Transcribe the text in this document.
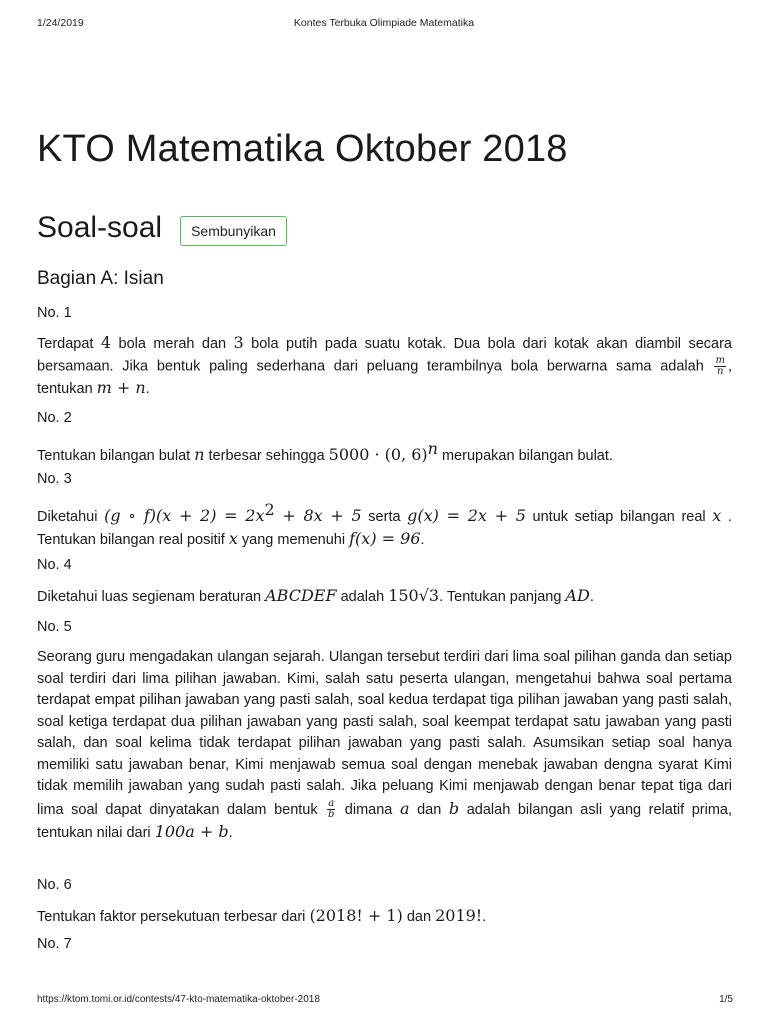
1/24/2019	Kontes Terbuka Olimpiade Matematika
KTO Matematika Oktober 2018
Soal-soal	Sembunyikan
Bagian A: Isian
No. 1
Terdapat 4 bola merah dan 3 bola putih pada suatu kotak. Dua bola dari kotak akan diambil secara bersamaan. Jika bentuk paling sederhana dari peluang terambilnya bola berwarna sama adalah $\frac{m}{n}$ , tentukan m + n.
No. 2
Tentukan bilangan bulat n terbesar sehingga 5000 · (0, 6)$^n$ merupakan bilangan bulat.
No. 3
Diketahui (g ∘ $f)(x + 2) = 2x^2 + 8x + 5$ serta g(x) = 2x + 5 untuk setiap bilangan real x . Tentukan bilangan real positif x yang memenuhi f(x) = 96.
No. 4
Diketahui luas segienam beraturan ABCDEF adalah 150√3. Tentukan panjang AD.
No. 5
Seorang guru mengadakan ulangan sejarah. Ulangan tersebut terdiri dari lima soal pilihan ganda dan setiap soal terdiri dari lima pilihan jawaban. Kimi, salah satu peserta ulangan, mengetahui bahwa soal pertama terdapat empat pilihan jawaban yang pasti salah, soal kedua terdapat tiga pilihan jawaban yang pasti salah, soal ketiga terdapat dua pilihan jawaban yang pasti salah, soal keempat terdapat satu jawaban yang pasti salah, dan soal kelima tidak terdapat pilihan jawaban yang pasti salah. Asumsikan setiap soal hanya memiliki satu jawaban benar, Kimi menjawab semua soal dengan menebak jawaban dengna syarat Kimi tidak memilih jawaban yang sudah pasti salah. Jika peluang Kimi menjawab dengan benar tepat tiga dari lima soal dapat dinyatakan dalam bentuk $\frac{a}{b}$ dimana a dan b adalah bilangan asli yang relatif prima, tentukan nilai dari 100a + b.
No. 6
Tentukan faktor persekutuan terbesar dari (2018! + 1) dan 2019!.
No. 7
https://ktom.tomi.or.id/contests/47-kto-matematika-oktober-2018	1/5
